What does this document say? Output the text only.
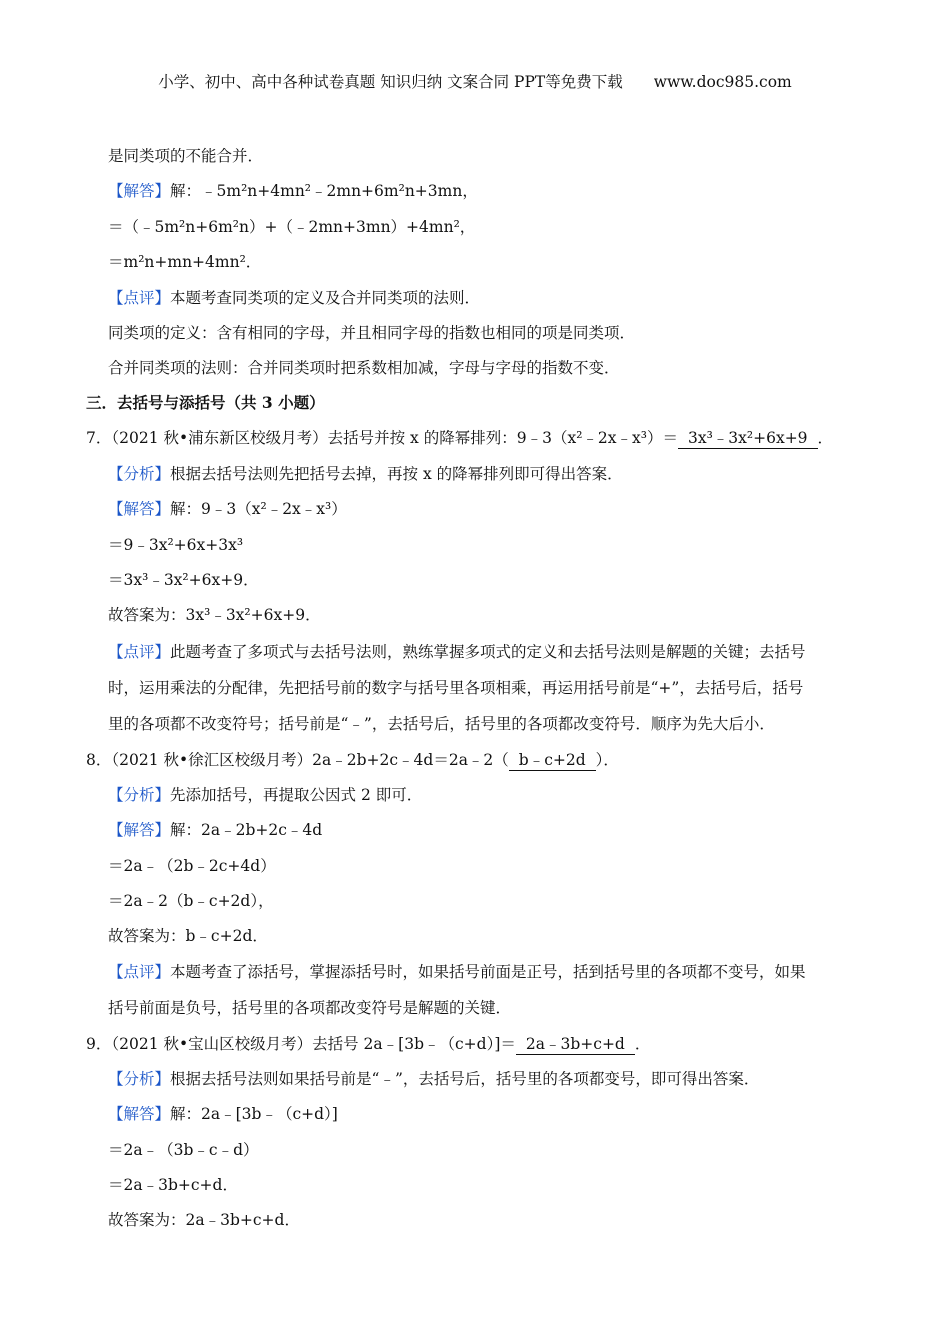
小学、初中、高中各种试卷真题 知识归纳 文案合同 PPT等免费下载 www.doc985.com
是同类项的不能合并．
【解答】解：﹣5m²n+4mn²﹣2mn+6m²n+3mn，
＝（﹣5m²n+6m²n）+（﹣2mn+3mn）+4mn²，
＝m²n+mn+4mn²．
【点评】本题考查同类项的定义及合并同类项的法则．
同类项的定义：含有相同的字母，并且相同字母的指数也相同的项是同类项．
合并同类项的法则：合并同类项时把系数相加减，字母与字母的指数不变．
三．去括号与添括号（共 3 小题）
7．（2021 秋•浦东新区校级月考）去括号并按 x 的降幂排列：9﹣3（x²﹣2x﹣x³）＝ 3x³﹣3x²+6x+9 ．
【分析】根据去括号法则先把括号去掉，再按 x 的降幂排列即可得出答案．
【解答】解：9﹣3（x²﹣2x﹣x³）
＝9﹣3x²+6x+3x³
＝3x³﹣3x²+6x+9．
故答案为：3x³﹣3x²+6x+9．
【点评】此题考查了多项式与去括号法则，熟练掌握多项式的定义和去括号法则是解题的关键；去括号
时，运用乘法的分配律，先把括号前的数字与括号里各项相乘，再运用括号前是“+”，去括号后，括号
里的各项都不改变符号；括号前是“﹣”，去括号后，括号里的各项都改变符号．顺序为先大后小．
8．（2021 秋•徐汇区校级月考）2a﹣2b+2c﹣4d＝2a﹣2（ b﹣c+2d ）．
【分析】先添加括号，再提取公因式 2 即可．
【解答】解：2a﹣2b+2c﹣4d
＝2a﹣（2b﹣2c+4d）
＝2a﹣2（b﹣c+2d），
故答案为：b﹣c+2d．
【点评】本题考查了添括号，掌握添括号时，如果括号前面是正号，括到括号里的各项都不变号，如果
括号前面是负号，括号里的各项都改变符号是解题的关键．
9．（2021 秋•宝山区校级月考）去括号 2a﹣[3b﹣（c+d）]＝ 2a﹣3b+c+d ．
【分析】根据去括号法则如果括号前是“﹣”，去括号后，括号里的各项都变号，即可得出答案．
【解答】解：2a﹣[3b﹣（c+d）]
＝2a﹣（3b﹣c﹣d）
＝2a﹣3b+c+d．
故答案为：2a﹣3b+c+d．
